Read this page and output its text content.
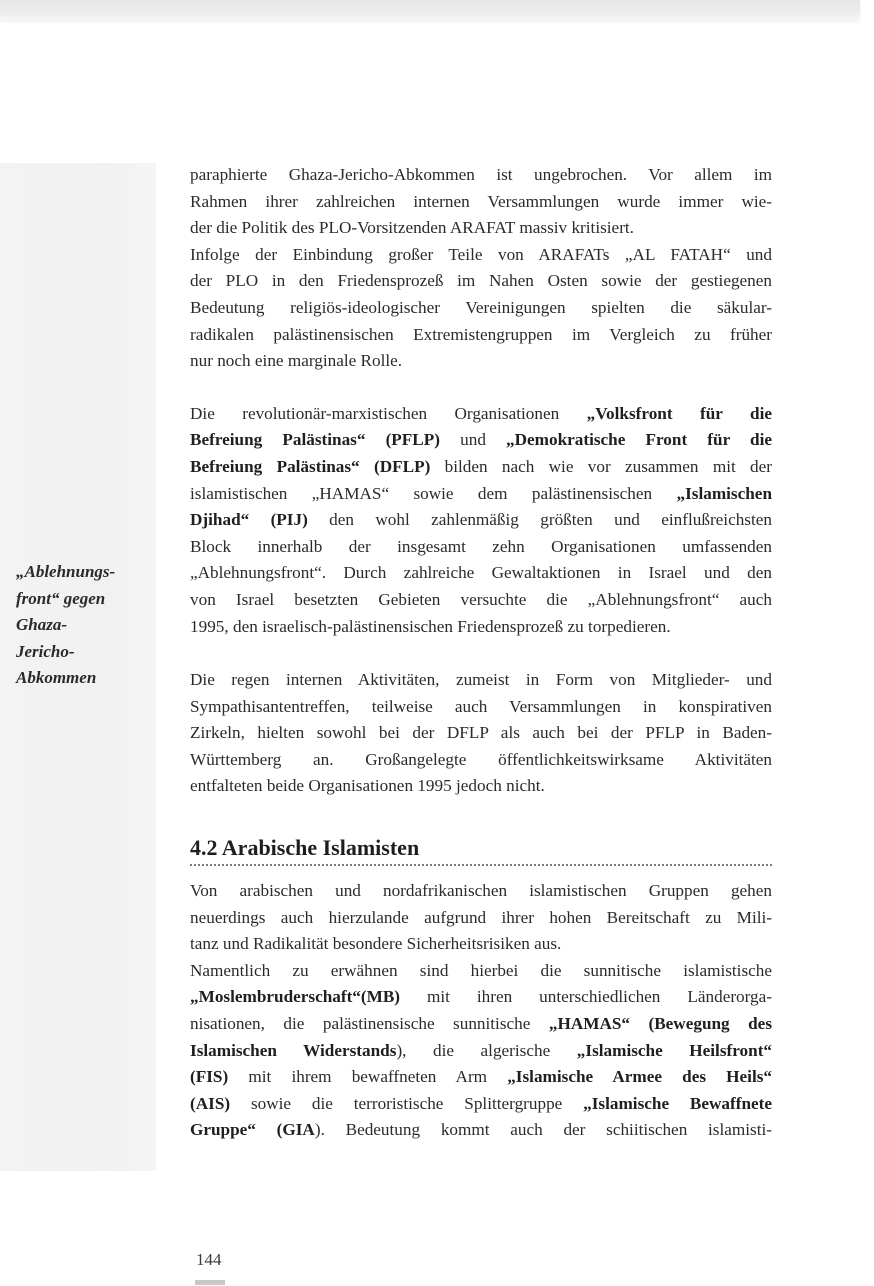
„Ablehnungs-
front“ gegen
Ghaza-
Jericho-
Abkommen

paraphierte Ghaza-Jericho-Abkommen ist ungebrochen. Vor allem im
Rahmen ihrer zahlreichen internen Versammlungen wurde immer wie-
der die Politik des PLO-Vorsitzenden ARAFAT massiv kritisiert.

Infolge der Einbindung großer Teile von ARAFATs „AL FATAH“ und
der PLO in den Friedensprozeß im Nahen Osten sowie der gestiegenen
Bedeutung religiös-ideologischer Vereinigungen spielten die säkular-
radikalen palästinensischen Extremistengruppen im Vergleich zu früher
nur noch eine marginale Rolle.

Die revolutionär-marxistischen Organisationen „Volksfront für die
Befreiung Palästinas“ (PFLP) und „Demokratische Front für die
Befreiung Palästinas“ (DFLP) bilden nach wie vor zusammen mit der
islamistischen „HAMAS“ sowie dem palästinensischen „Islamischen
Djihad“ (PIJ) den wohl zahlenmäßig größten und einflußreichsten
Block innerhalb der insgesamt zehn Organisationen umfassenden
„Ablehnungsfront“. Durch zahlreiche Gewaltaktionen in Israel und den
von Israel besetzten Gebieten versuchte die „Ablehnungsfront“ auch
1995, den israelisch-palästinensischen Friedensprozeß zu torpedieren.

Die regen internen Aktivitäten, zumeist in Form von Mitglieder- und
Sympathisantentreffen, teilweise auch Versammlungen in konspirativen
Zirkeln, hielten sowohl bei der DFLP als auch bei der PFLP in Baden-
Württemberg an. Großangelegte öffentlichkeitswirksame Aktivitäten
entfalteten beide Organisationen 1995 jedoch nicht.

4.2 Arabische Islamisten

Von arabischen und nordafrikanischen islamistischen Gruppen gehen
neuerdings auch hierzulande aufgrund ihrer hohen Bereitschaft zu Mili-
tanz und Radikalität besondere Sicherheitsrisiken aus.

Namentlich zu erwähnen sind hierbei die sunnitische islamistische
„Moslembruderschaft“(MB) mit ihren unterschiedlichen Länderorga-
nisationen, die palästinensische sunnitische „HAMAS“ (Bewegung des
Islamischen Widerstands), die algerische „Islamische Heilsfront“
(FIS) mit ihrem bewaffneten Arm „Islamische Armee des Heils“
(AIS) sowie die terroristische Splittergruppe „Islamische Bewaffnete
Gruppe“ (GIA). Bedeutung kommt auch der schiitischen islamisti-

144
